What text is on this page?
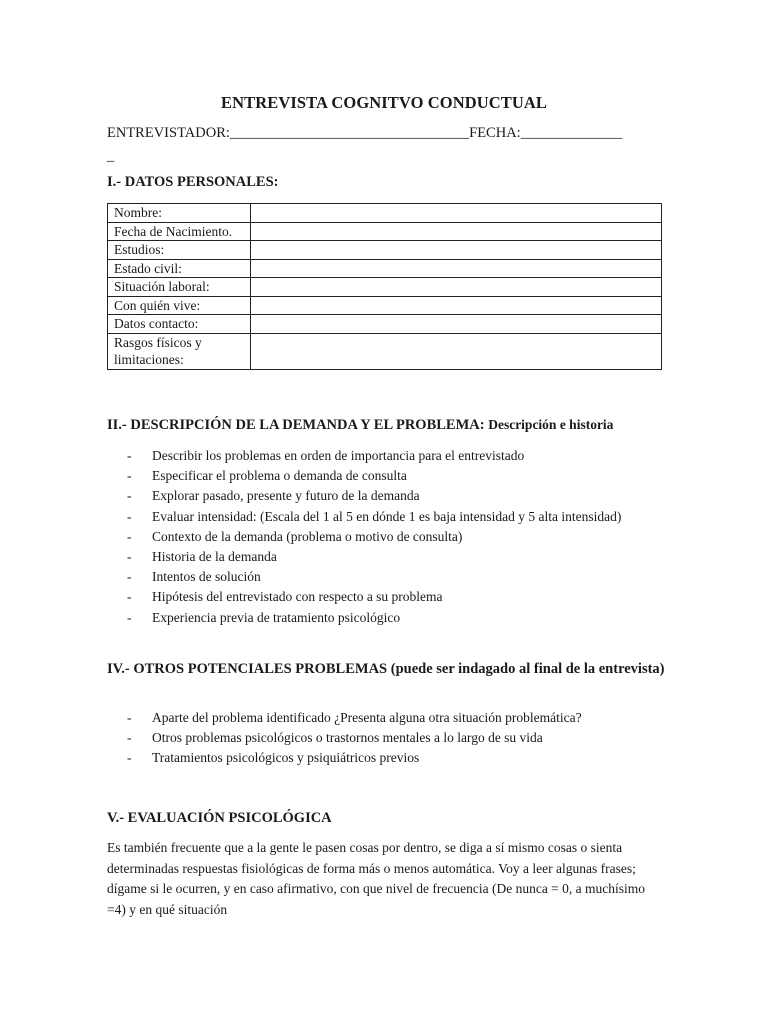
ENTREVISTA COGNITVO CONDUCTUAL
ENTREVISTADOR:_________________________________FECHA:______________
_
I.- DATOS PERSONALES:
Nombre:	
Fecha de Nacimiento.	
Estudios:	
Estado civil:	
Situación laboral:	
Con quién vive:	
Datos contacto:	
Rasgos físicos y limitaciones:	
II.- DESCRIPCIÓN DE LA DEMANDA Y EL PROBLEMA: Descripción e historia
- Describir los problemas en orden de importancia para el entrevistado
- Especificar el problema o demanda de consulta
- Explorar pasado, presente y futuro de la demanda
- Evaluar intensidad: (Escala del 1 al 5 en dónde 1 es baja intensidad y 5 alta intensidad)
- Contexto de la demanda (problema o motivo de consulta)
- Historia de la demanda
- Intentos de solución
- Hipótesis del entrevistado con respecto a su problema
- Experiencia previa de tratamiento psicológico
IV.- OTROS POTENCIALES PROBLEMAS (puede ser indagado al final de la entrevista)
- Aparte del problema identificado ¿Presenta alguna otra situación problemática?
- Otros problemas psicológicos o trastornos mentales a lo largo de su vida
- Tratamientos psicológicos y psiquiátricos previos
V.- EVALUACIÓN PSICOLÓGICA
Es también frecuente que a la gente le pasen cosas por dentro, se diga a sí mismo cosas o sienta determinadas respuestas fisiológicas de forma más o menos automática. Voy a leer algunas frases; dígame si le ocurren, y en caso afirmativo, con que nivel de frecuencia (De nunca = 0, a muchísimo =4) y en qué situación
